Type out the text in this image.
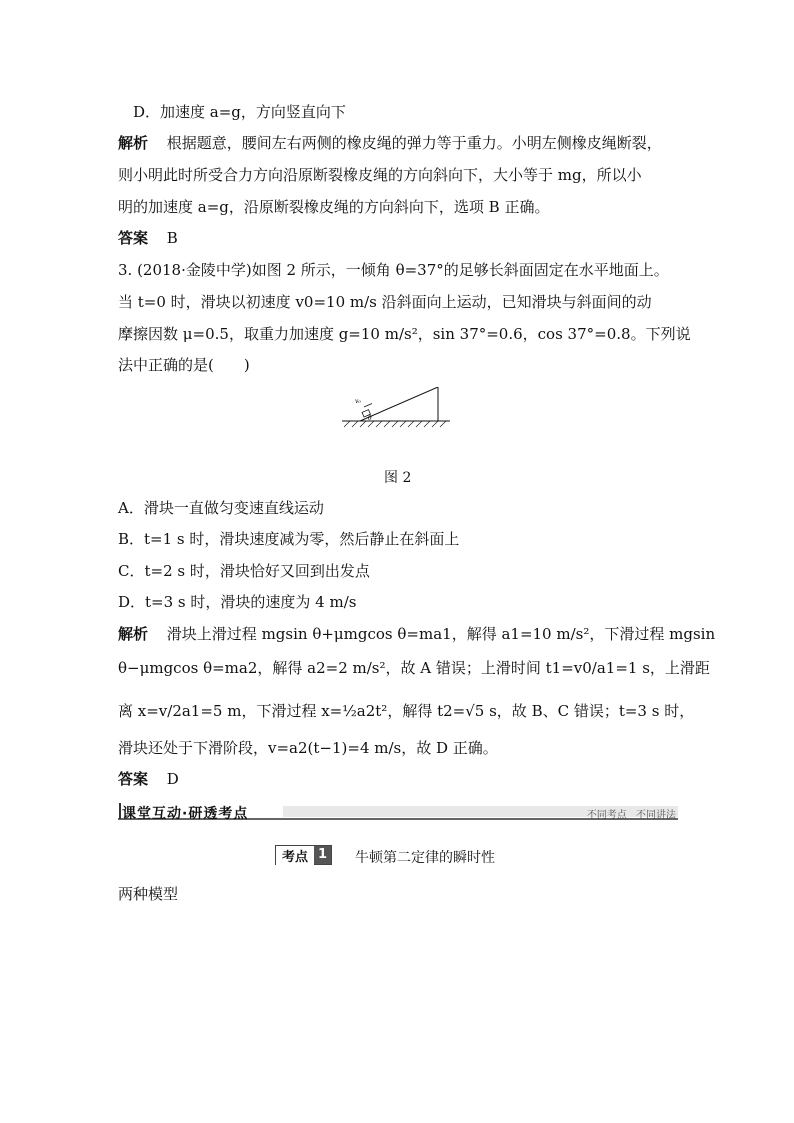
D．加速度 a=g，方向竖直向下
解析 根据题意，腰间左右两侧的橡皮绳的弹力等于重力。小明左侧橡皮绳断裂，
则小明此时所受合力方向沿原断裂橡皮绳的方向斜向下，大小等于 mg，所以小
明的加速度 a=g，沿原断裂橡皮绳的方向斜向下，选项 B 正确。
答案 B
3. (2018·金陵中学)如图 2 所示，一倾角 θ=37°的足够长斜面固定在水平地面上。
当 t=0 时，滑块以初速度 v0=10 m/s 沿斜面向上运动，已知滑块与斜面间的动
摩擦因数 μ=0.5，取重力加速度 g=10 m/s²，sin 37°=0.6，cos 37°=0.8。下列说
法中正确的是(　　)
v₀
θ
图 2
A．滑块一直做匀变速直线运动
B．t=1 s 时，滑块速度减为零，然后静止在斜面上
C．t=2 s 时，滑块恰好又回到出发点
D．t=3 s 时，滑块的速度为 4 m/s
解析 滑块上滑过程 mgsin θ+μmgcos θ=ma1，解得 a1=10 m/s²，下滑过程 mgsin
θ−μmgcos θ=ma2，解得 a2=2 m/s²，故 A 错误；上滑时间 t1=v0/a1=1 s，上滑距
离 x=v/2a1=5 m，下滑过程 x=½a2t²，解得 t2=√5 s，故 B、C 错误；t=3 s 时，
滑块还处于下滑阶段，v=a2(t−1)=4 m/s，故 D 正确。
答案 D
课堂互动·研透考点	不同考点 不同讲法
考点 1 牛顿第二定律的瞬时性
两种模型
